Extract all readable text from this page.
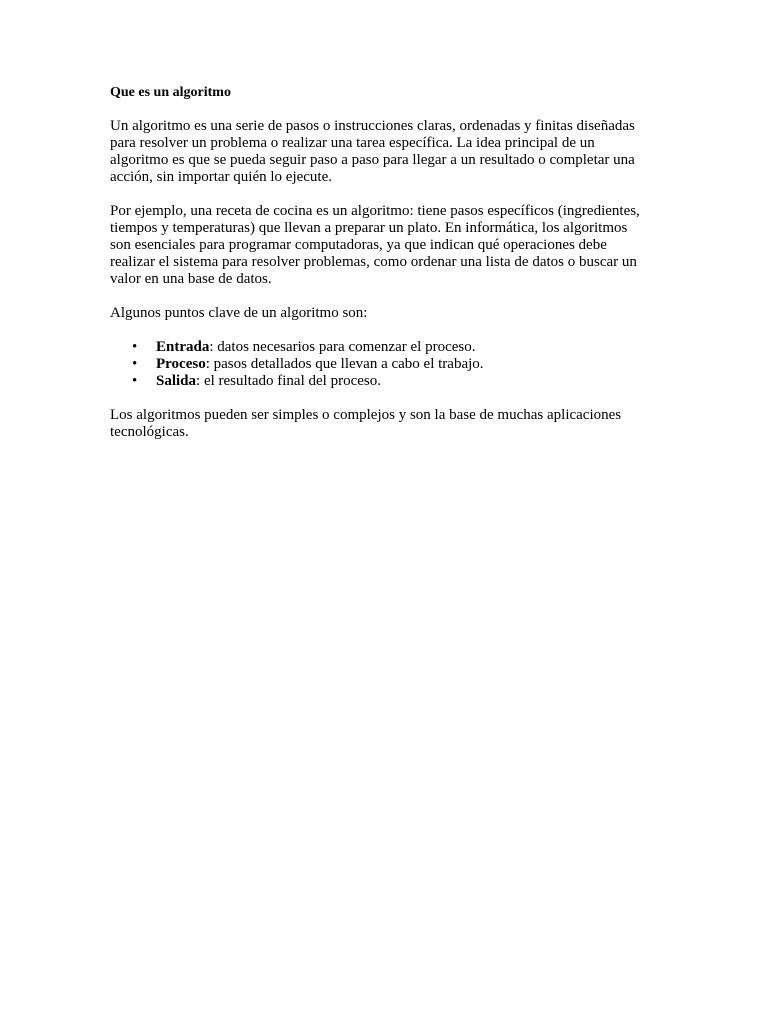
Que es un algoritmo

Un algoritmo es una serie de pasos o instrucciones claras, ordenadas y finitas diseñadas
para resolver un problema o realizar una tarea específica. La idea principal de un
algoritmo es que se pueda seguir paso a paso para llegar a un resultado o completar una
acción, sin importar quién lo ejecute.

Por ejemplo, una receta de cocina es un algoritmo: tiene pasos específicos (ingredientes,
tiempos y temperaturas) que llevan a preparar un plato. En informática, los algoritmos
son esenciales para programar computadoras, ya que indican qué operaciones debe
realizar el sistema para resolver problemas, como ordenar una lista de datos o buscar un
valor en una base de datos.

Algunos puntos clave de un algoritmo son:

• Entrada: datos necesarios para comenzar el proceso.
• Proceso: pasos detallados que llevan a cabo el trabajo.
• Salida: el resultado final del proceso.

Los algoritmos pueden ser simples o complejos y son la base de muchas aplicaciones
tecnológicas.
